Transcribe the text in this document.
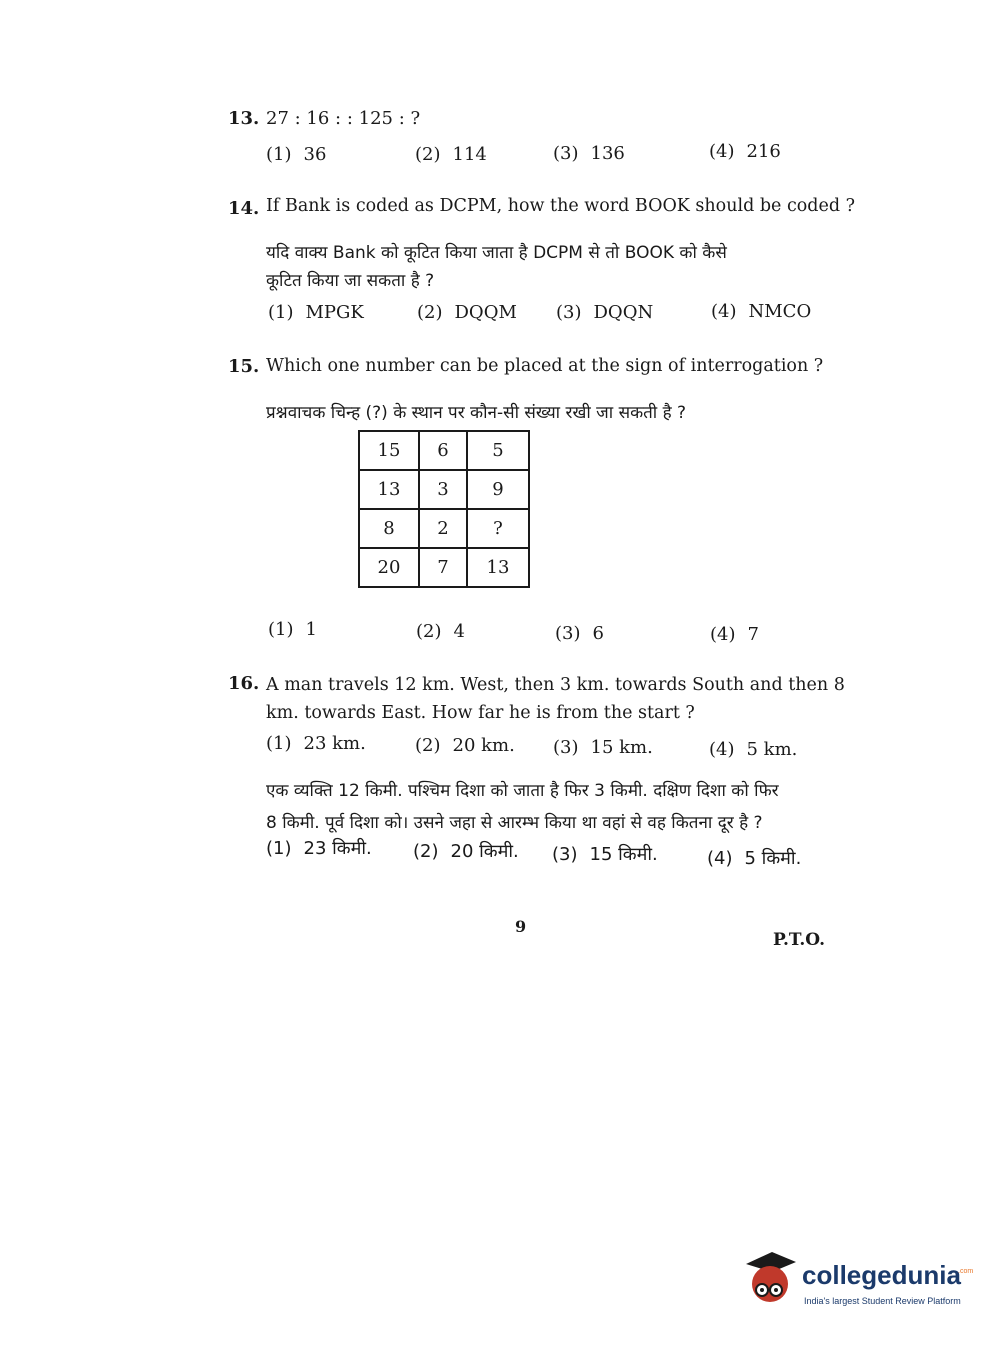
13. 27 : 16 : : 125 : ?
(1) 36	(2) 114	(3) 136	(4) 216
14. If Bank is coded as DCPM, how the word BOOK should be coded ?
यदि वाक्य Bank को कूटित किया जाता है DCPM से तो BOOK को कैसे
कूटित किया जा सकता है ?
(1) MPGK	(2) DQQM (3) DQQN	(4) NMCO
15. Which one number can be placed at the sign of interrogation ?
प्रश्नवाचक चिन्ह (?) के स्थान पर कौन-सी संख्या रखी जा सकती है ?
15	6	5
13	3	9
8	2	?
20	7	13
(1) 1	(2) 4	(3) 6	(4) 7
16. A man travels 12 km. West, then 3 km. towards South and then 8
km. towards East. How far he is from the start ?
(1) 23 km.	(2) 20 km. (3) 15 km.	(4) 5 km.
एक व्यक्ति 12 किमी. पश्चिम दिशा को जाता है फिर 3 किमी. दक्षिण दिशा को फिर
8 किमी. पूर्व दिशा को। उसने जहा से आरम्भ किया था वहां से वह कितना दूर है ?
(1) 23 किमी. (2) 20 किमी. (3) 15 किमी.	(4) 5 किमी.
9
P.T.O.
collegedunia
.com
India's largest Student Review Platform
